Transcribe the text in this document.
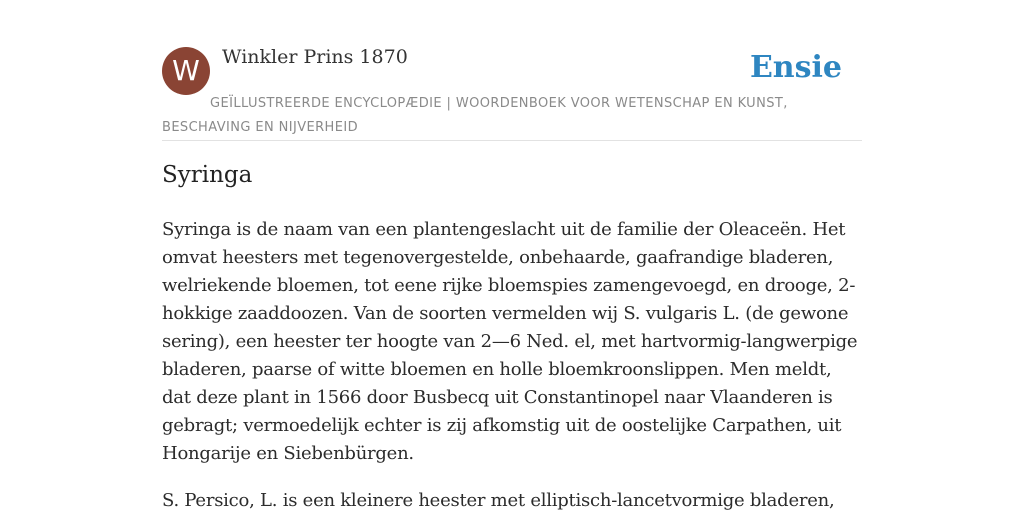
W	Winkler Prins 1870
GEÏLLUSTREERDE ENCYCLOPÆDIE | WOORDENBOEK VOOR WETENSCHAP EN KUNST, BESCHAVING EN NIJVERHEID
Ensie
Syringa

Syringa is de naam van een plantengeslacht uit de familie der Oleaceën. Het omvat heesters met tegenovergestelde, onbehaarde, gaafrandige bladeren, welriekende bloemen, tot eene rijke bloemspies zamengevoegd, en drooge, 2-hokkige zaaddoozen. Van de soorten vermelden wij S. vulgaris L. (de gewone sering), een heester ter hoogte van 2—6 Ned. el, met hartvormig-langwerpige bladeren, paarse of witte bloemen en holle bloemkroonslippen. Men meldt, dat deze plant in 1566 door Busbecq uit Constantinopel naar Vlaanderen is gebragt; vermoedelijk echter is zij afkomstig uit de oostelijke Carpathen, uit Hongarije en Siebenbürgen.

S. Persico, L. is een kleinere heester met elliptisch-lancetvormige bladeren,
